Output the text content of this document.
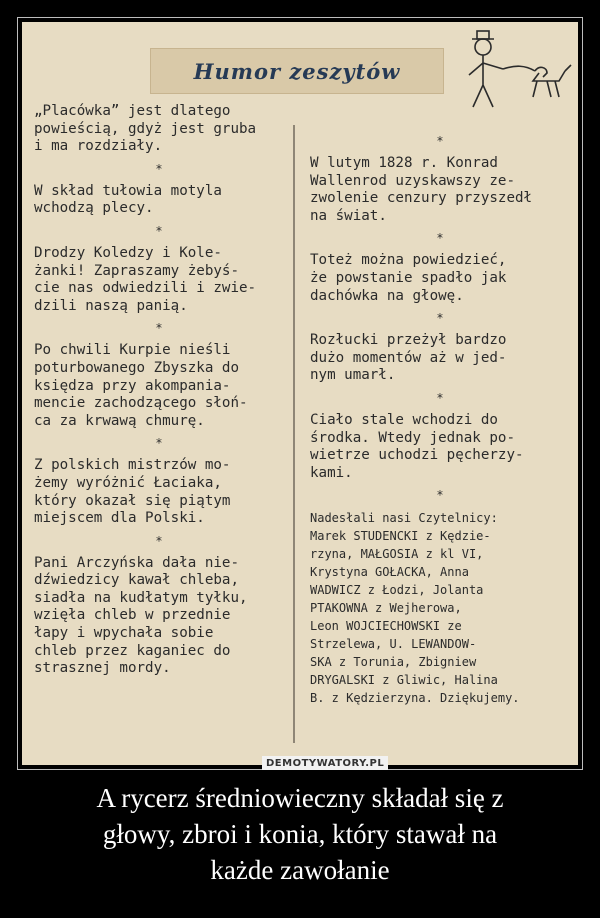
Humor zeszytów

„Placówka” jest dlatego
powieścią, gdyż jest gruba
i ma rozdziały.

*

W skład tułowia motyla
wchodzą plecy.

*

Drodzy Koledzy i Kole-
żanki! Zapraszamy żebyś-
cie nas odwiedzili i zwie-
dzili naszą panią.

*

Po chwili Kurpie nieśli
poturbowanego Zbyszka do
księdza przy akompania-
mencie zachodzącego słoń-
ca za krwawą chmurę.

*

Z polskich mistrzów mo-
żemy wyróżnić Łaciaka,
który okazał się piątym
miejscem dla Polski.

*

Pani Arczyńska dała nie-
dźwiedzicy kawał chleba,
siadła na kudłatym tyłku,
wzięła chleb w przednie
łapy i wpychała sobie
chleb przez kaganiec do
strasznej mordy.

*

W lutym 1828 r. Konrad
Wallenrod uzyskawszy ze-
zwolenie cenzury przyszedł
na świat.

*

Toteż można powiedzieć,
że powstanie spadło jak
dachówka na głowę.

*

Rozłucki przeżył bardzo
dużo momentów aż w jed-
nym umarł.

*

Ciało stale wchodzi do
środka. Wtedy jednak po-
wietrze uchodzi pęcherzy-
kami.

*

Nadesłali nasi Czytelnicy:
Marek STUDENCKI z Kędzie-
rzyna, MAŁGOSIA z kl VI,
Krystyna GOŁACKA, Anna
WADWICZ z Łodzi, Jolanta
PTAKOWNA z Wejherowa,
Leon WOJCIECHOWSKI ze
Strzelewa, U. LEWANDOW-
SKA z Torunia, Zbigniew
DRYGALSKI z Gliwic, Halina
B. z Kędzierzyna. Dziękujemy.

DEMOTYWATORY.PL
A rycerz średniowieczny składał się z
głowy, zbroi i konia, który stawał na
każde zawołanie
